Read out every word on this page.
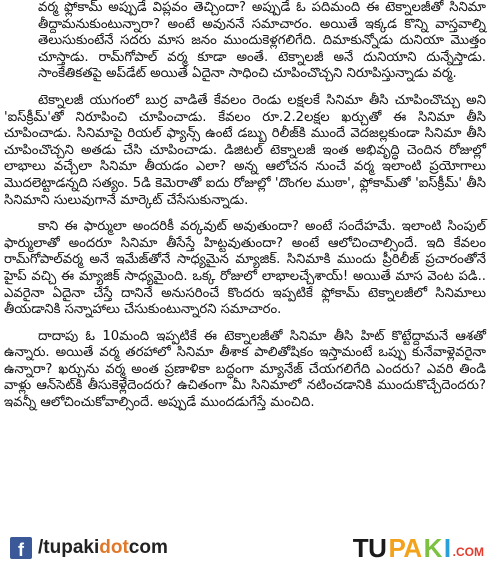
వర్మ ఫ్లోకామ్ అప్పుడే విప్లవం తెచ్చిందా? అప్పుడే ఓ పదిమంది ఈ టెక్నాలజీతో సినిమా తీద్దామనుకుంటున్నారా? అంటే అవుననే సమాచారం. అయితే ఇక్కడ కొన్ని వాస్తవాల్ని తెలుసుకుంటేనే సదరు మాస జనం ముందుకెళ్లగలిగేది. దిమాకున్నోడు దునియా మొత్తం చూస్తాడు. రామ్‌గోపాల్ వర్మ కూడా అంతే. టెక్నాలజీ అనే దునియాని దున్నేస్తాడు. సాంకేతికతపై అప్‌డేట్ అయితే ఏదైనా సాధించి చూపించొచ్చని నిరూపిస్తున్నాడు వర్మ.

టెక్నాలజీ యుగంలో బుర్ర వాడితే కేవలం రెండు లక్షలకే సినిమా తీసి చూపించొచ్చు అని 'ఐస్‌క్రీమ్'తో నిరూపించి చూపించాడు. కేవలం రూ.2.2లక్షల ఖర్చుతో ఈ సినిమా తీసి చూపించాడు. సినిమాపై రియల్ ఫ్యాన్స్ ఉంటే డబ్బు రిలీజ్‌కి ముందే వెదజల్లకుండా సినిమా తీసి చూపించొచ్చని అతడు చేసి చూపించాడు. డిజిటల్ టెక్నాలజీ ఇంత అభివృద్ధి చెందిన రోజుల్లో లాభాలు వచ్చేలా సినిమా తీయడం ఎలా? అన్న ఆలోచన నుంచే వర్మ ఇలాంటి ప్రయోగాలు మొదలెట్టాడన్నది సత్యం. 5డి కెమెరాతో ఐదు రోజుల్లో 'దొంగల ముఠా', ఫ్లోకామ్‌తో 'ఐస్‌క్రీమ్' తీసి సినిమాని సులువుగానే మార్కెట్ చేసేసుకున్నాడు.

కాని ఈ ఫార్ములా అందరికీ వర్కవుట్ అవుతుందా? అంటే సందేహమే. ఇలాంటి సింపుల్ ఫార్ములాతో అందరూ సినిమా తీసేస్తే హిట్టవుతుందా? అంటే ఆలోచించాల్సిందే. ఇది కేవలం రామ్‌గోపాల్‌వర్మ అనే ఇమేజ్‌తోనే సాధ్యమైన మ్యాజిక్. సినిమాకి ముందు ప్రీరిలీజ్ ప్రచారంతోనే హైప్ వచ్చి ఈ మ్యాజిక్ సాధ్యమైంది. ఒక్క రోజులో లాభాలచ్చేశాయ్! అయితే మాస వెంట పడి.. ఎవరైనా ఏదైనా చేస్తే దానినే అనుసరించే కొందరు ఇప్పటికే ఫ్లోకామ్ టెక్నాలజీలో సినిమాలు తీయడానికి సన్నాహాలు చేసుకుంటున్నారని సమాచారం.

దాదాపు ఓ 10మంది ఇప్పటికే ఈ టెక్నాలజీతో సినిమా తీసి హిట్ కొట్టేద్దామనే ఆశతో ఉన్నారు. అయితే వర్మ తరహాలో సినిమా తీశాక పాలితోషికం ఇస్తామంటే ఒప్పు కునేవాళ్లెవరైనా ఉన్నారా? ఖర్చును వర్మ అంత ప్రణాళికా బద్ధంగా మ్యానేజ్ చేయగలిగేది ఎందరు? ఎవరి తిండి వాళ్లు ఆన్‌సెట్‌కి తీసుకెళ్లేదెందరు? ఉచితంగా మీ సినిమాలో నటించడానికి ముందుకొచ్చేదెందరు? ఇవన్నీ ఆలోచించుకోవాల్సిందే. అప్పుడే ముందడుగేస్తే మంచిది.

f /tupakidotcom	TU PA K I .COM
